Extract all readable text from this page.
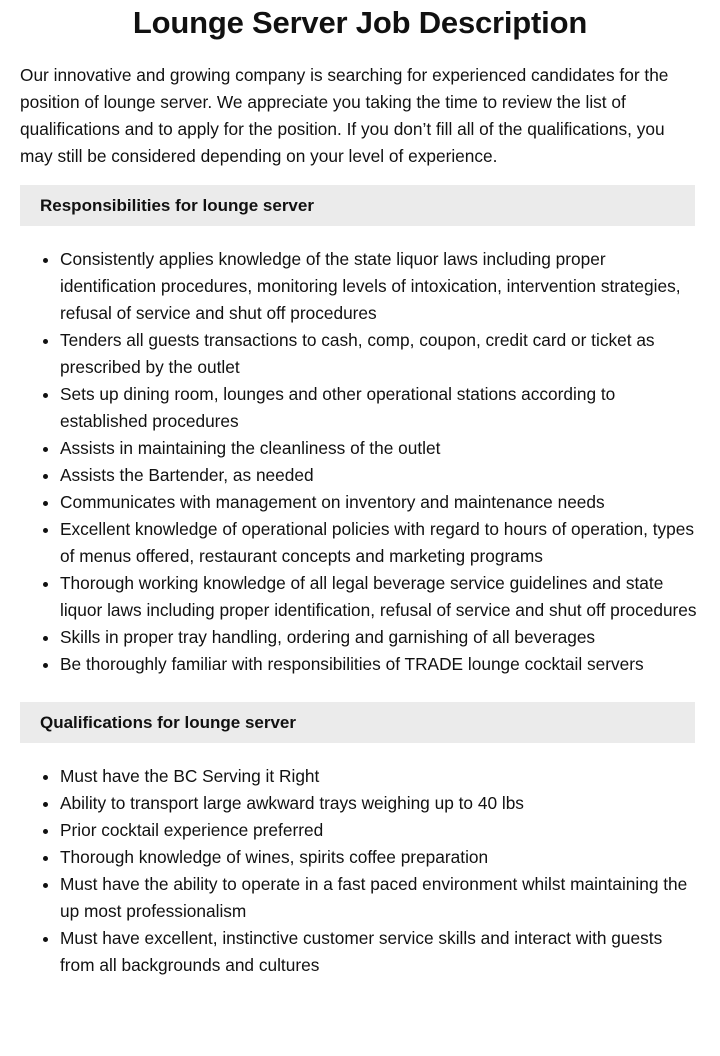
Lounge Server Job Description

Our innovative and growing company is searching for experienced candidates for the position of lounge server. We appreciate you taking the time to review the list of qualifications and to apply for the position. If you don’t fill all of the qualifications, you may still be considered depending on your level of experience.

Responsibilities for lounge server
• Consistently applies knowledge of the state liquor laws including proper identification procedures, monitoring levels of intoxication, intervention strategies, refusal of service and shut off procedures
• Tenders all guests transactions to cash, comp, coupon, credit card or ticket as prescribed by the outlet
• Sets up dining room, lounges and other operational stations according to established procedures
• Assists in maintaining the cleanliness of the outlet
• Assists the Bartender, as needed
• Communicates with management on inventory and maintenance needs
• Excellent knowledge of operational policies with regard to hours of operation, types of menus offered, restaurant concepts and marketing programs
• Thorough working knowledge of all legal beverage service guidelines and state liquor laws including proper identification, refusal of service and shut off procedures
• Skills in proper tray handling, ordering and garnishing of all beverages
• Be thoroughly familiar with responsibilities of TRADE lounge cocktail servers
Qualifications for lounge server
• Must have the BC Serving it Right
• Ability to transport large awkward trays weighing up to 40 lbs
• Prior cocktail experience preferred
• Thorough knowledge of wines, spirits coffee preparation
• Must have the ability to operate in a fast paced environment whilst maintaining the up most professionalism
• Must have excellent, instinctive customer service skills and interact with guests from all backgrounds and cultures
